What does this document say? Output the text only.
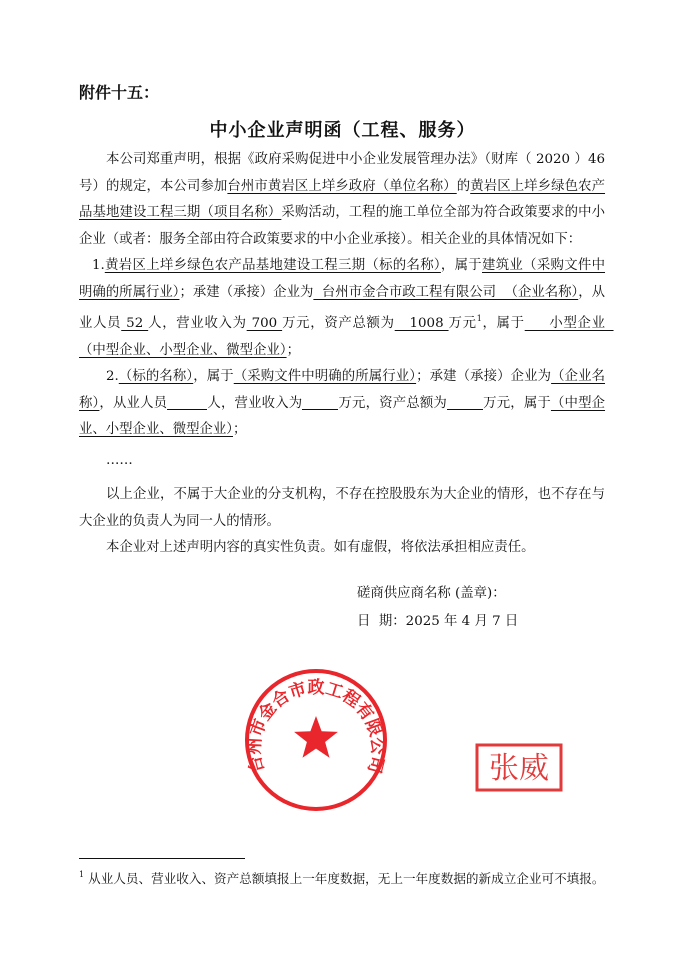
附件十五：
中小企业声明函（工程、服务）

本公司郑重声明，根据《政府采购促进中小企业发展管理办法》（财库（ 2020 ）46 号）的规定，本公司参加台州市黄岩区上垟乡政府（单位名称）的黄岩区上垟乡绿色农产品基地建设工程三期（项目名称）采购活动，工程的施工单位全部为符合政策要求的中小企业（或者：服务全部由符合政策要求的中小企业承接）。相关企业的具体情况如下：

1.黄岩区上垟乡绿色农产品基地建设工程三期（标的名称），属于建筑业（采购文件中明确的所属行业）；承建（承接）企业为  台州市金合市政工程有限公司  （企业名称），从业人员 52 人，营业收入为 700 万元，资产总额为   1008 万元$^1$，属于     小型企业  （中型企业、小型企业、微型企业）；

2.（标的名称），属于（采购文件中明确的所属行业）；承建（承接）企业为（企业名称），从业人员	人，营业收入为	万元，资产总额为	万元，属于（中型企业、小型企业、微型企业）；

……

以上企业，不属于大企业的分支机构，不存在控股股东为大企业的情形，也不存在与大企业的负责人为同一人的情形。

本企业对上述声明内容的真实性负责。如有虚假，将依法承担相应责任。

磋商供应商名称 (盖章)：
日  期：2025 年 4 月 7 日
台州市金合市政工程有限公司	张威
$^1$ 从业人员、营业收入、资产总额填报上一年度数据，无上一年度数据的新成立企业可不填报。
